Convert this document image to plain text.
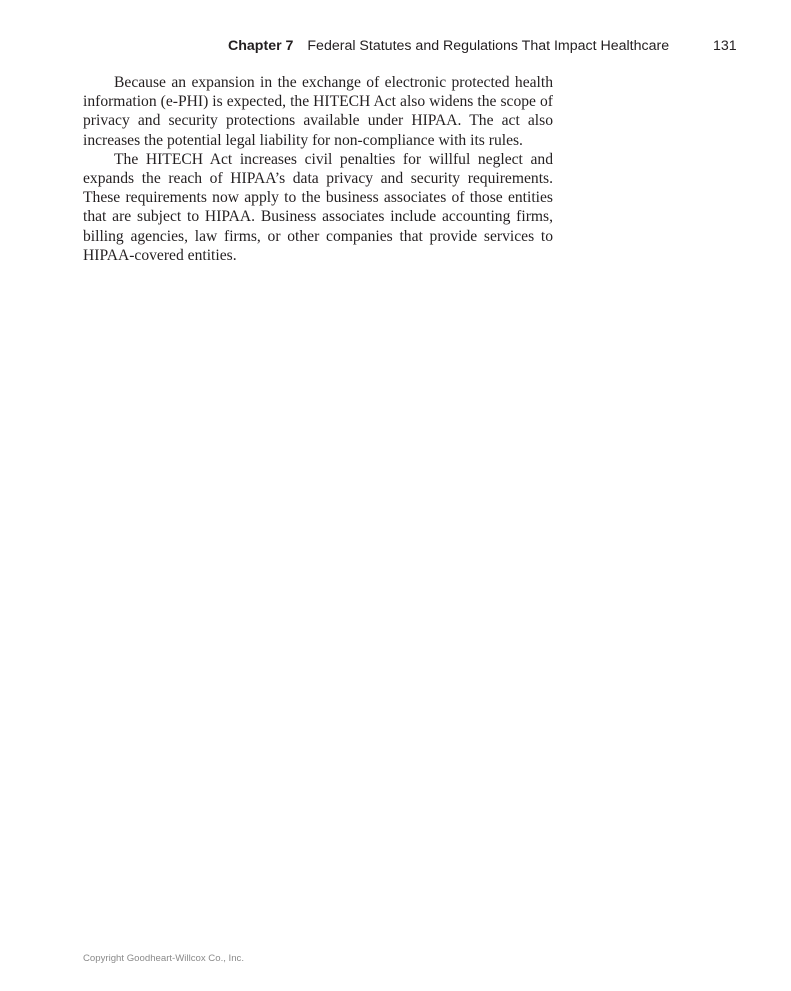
Chapter 7 Federal Statutes and Regulations That Impact Healthcare	131

Because an expansion in the exchange of electronic protected health information (e-PHI) is expected, the HITECH Act also widens the scope of privacy and security protections available under HIPAA. The act also increases the potential legal liability for non-compliance with its rules.

The HITECH Act increases civil penalties for willful neglect and expands the reach of HIPAA’s data privacy and security requirements. These requirements now apply to the business associates of those entities that are subject to HIPAA. Business associates include accounting firms, billing agencies, law firms, or other companies that provide services to HIPAA-covered entities.

Copyright Goodheart-Willcox Co., Inc.
